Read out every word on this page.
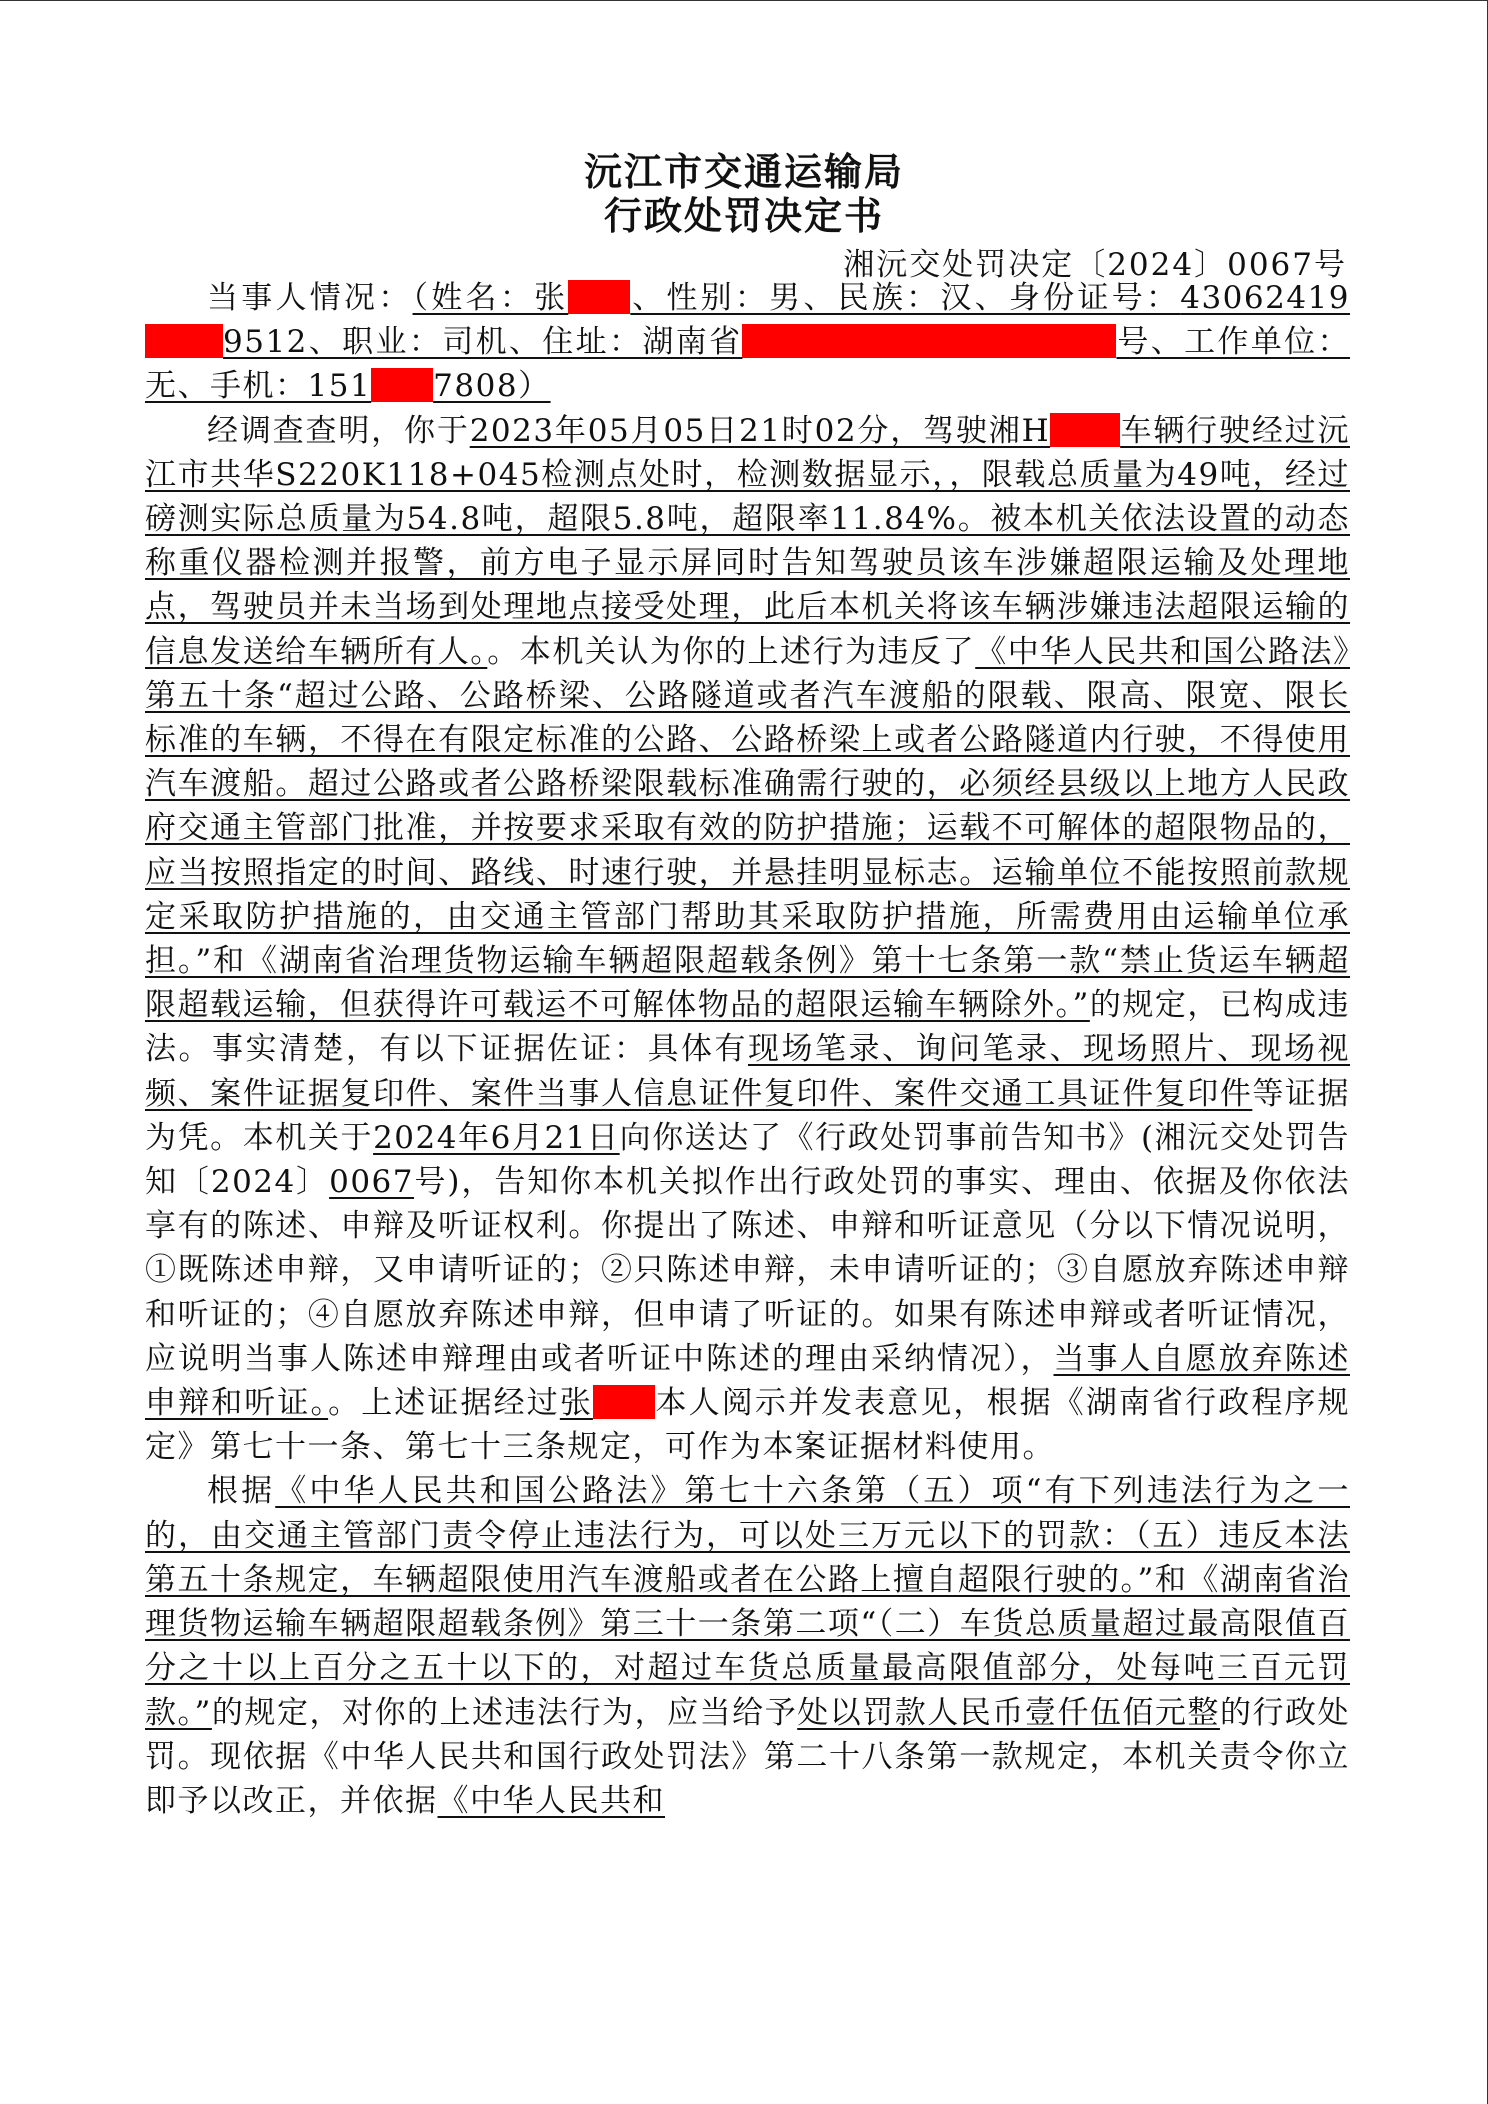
沅江市交通运输局
行政处罚决定书
湘沅交处罚决定〔2024〕0067号

当事人情况：（姓名：张 、性别：男、民族：汉、身份证号：430624199512、职业：司机、住址：湖南省	号、工作单位：无、手机：151 7808）

经调查查明，你于2023年05月05日21时02分，驾驶湘H 车辆行驶经过沅江市共华S220K118+045检测点处时，检测数据显示，，限载总质量为49吨，经过磅测实际总质量为54.8吨，超限5.8吨，超限率11.84%。被本机关依法设置的动态称重仪器检测并报警，前方电子显示屏同时告知驾驶员该车涉嫌超限运输及处理地点，驾驶员并未当场到处理地点接受处理，此后本机关将该车辆涉嫌违法超限运输的信息发送给车辆所有人。。本机关认为你的上述行为违反了《中华人民共和国公路法》第五十条“超过公路、公路桥梁、公路隧道或者汽车渡船的限载、限高、限宽、限长标准的车辆，不得在有限定标准的公路、公路桥梁上或者公路隧道内行驶，不得使用汽车渡船。超过公路或者公路桥梁限载标准确需行驶的，必须经县级以上地方人民政府交通主管部门批准，并按要求采取有效的防护措施；运载不可解体的超限物品的，应当按照指定的时间、路线、时速行驶，并悬挂明显标志。运输单位不能按照前款规定采取防护措施的，由交通主管部门帮助其采取防护措施，所需费用由运输单位承担。”和《湖南省治理货物运输车辆超限超载条例》第十七条第一款“禁止货运车辆超限超载运输，但获得许可载运不可解体物品的超限运输车辆除外。”的规定，已构成违法。事实清楚，有以下证据佐证：具体有现场笔录、询问笔录、现场照片、现场视频、案件证据复印件、案件当事人信息证件复印件、案件交通工具证件复印件等证据为凭。本机关于2024年6月21日向你送达了《行政处罚事前告知书》(湘沅交处罚告知〔2024〕0067号)，告知你本机关拟作出行政处罚的事实、理由、依据及你依法享有的陈述、申辩及听证权利。你提出了陈述、申辩和听证意见（分以下情况说明，①既陈述申辩，又申请听证的；②只陈述申辩，未申请听证的；③自愿放弃陈述申辩和听证的；④自愿放弃陈述申辩，但申请了听证的。如果有陈述申辩或者听证情况，应说明当事人陈述申辩理由或者听证中陈述的理由采纳情况），当事人自愿放弃陈述申辩和听证。。上述证据经过张 本人阅示并发表意见，根据《湖南省行政程序规定》第七十一条、第七十三条规定，可作为本案证据材料使用。

根据《中华人民共和国公路法》第七十六条第（五）项“有下列违法行为之一的，由交通主管部门责令停止违法行为，可以处三万元以下的罚款：（五）违反本法第五十条规定，车辆超限使用汽车渡船或者在公路上擅自超限行驶的。”和《湖南省治理货物运输车辆超限超载条例》第三十一条第二项“（二）车货总质量超过最高限值百分之十以上百分之五十以下的，对超过车货总质量最高限值部分，处每吨三百元罚款。”的规定，对你的上述违法行为，应当给予处以罚款人民币壹仟伍佰元整的行政处罚。现依据《中华人民共和国行政处罚法》第二十八条第一款规定，本机关责令你立即予以改正，并依据《中华人民共和
